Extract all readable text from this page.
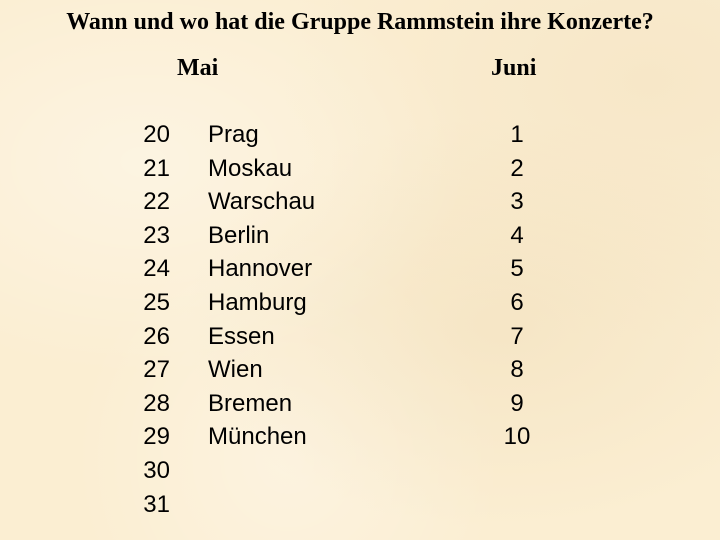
Wann und wo hat die Gruppe Rammstein ihre Konzerte?
Mai	Juni
20
21
22
23
24
25
26
27
28
29
30
31
Prag
Moskau
Warschau
Berlin
Hannover
Hamburg
Essen
Wien
Bremen
München
1
2
3
4
5
6
7
8
9
10
